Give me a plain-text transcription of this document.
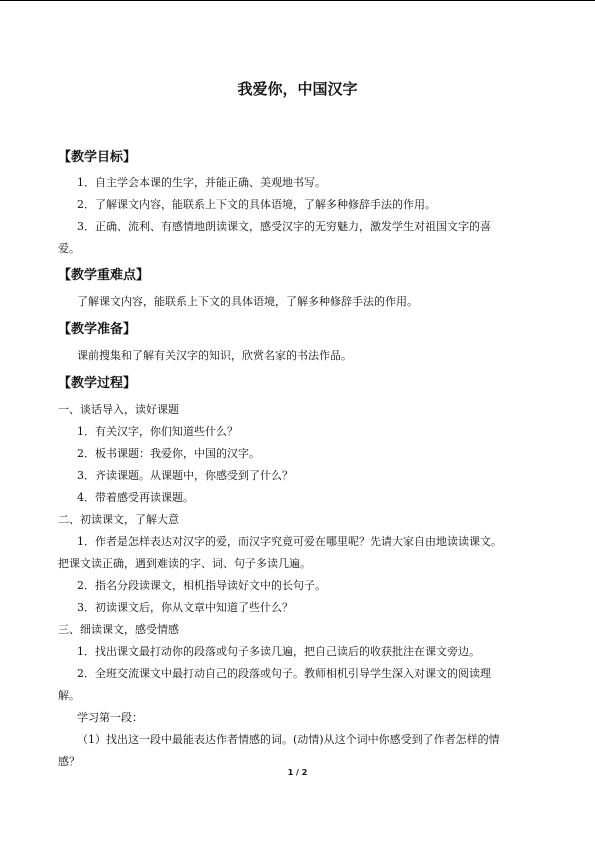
我爱你，中国汉字
【教学目标】
1．自主学会本课的生字，并能正确、美观地书写。
2．了解课文内容，能联系上下文的具体语境，了解多种修辞手法的作用。
3．正确、流利、有感情地朗读课文，感受汉字的无穷魅力，激发学生对祖国文字的喜
爱。
【教学重难点】
了解课文内容，能联系上下文的具体语境，了解多种修辞手法的作用。
【教学准备】
课前搜集和了解有关汉字的知识，欣赏名家的书法作品。
【教学过程】
一、谈话导入，读好课题
1．有关汉字，你们知道些什么？
2．板书课题：我爱你，中国的汉字。
3．齐读课题。从课题中，你感受到了什么？
4．带着感受再读课题。
二、初读课文，了解大意
1．作者是怎样表达对汉字的爱，而汉字究竟可爱在哪里呢？先请大家自由地读读课文。
把课文读正确，遇到难读的字、词、句子多读几遍。
2．指名分段读课文，相机指导读好文中的长句子。
3．初读课文后，你从文章中知道了些什么？
三、细读课文，感受情感
1．找出课文最打动你的段落或句子多读几遍，把自己读后的收获批注在课文旁边。
2．全班交流课文中最打动自己的段落或句子。教师相机引导学生深入对课文的阅读理
解。
学习第一段：
（1）找出这一段中最能表达作者情感的词。(动情)从这个词中你感受到了作者怎样的情
感？
1 / 2
